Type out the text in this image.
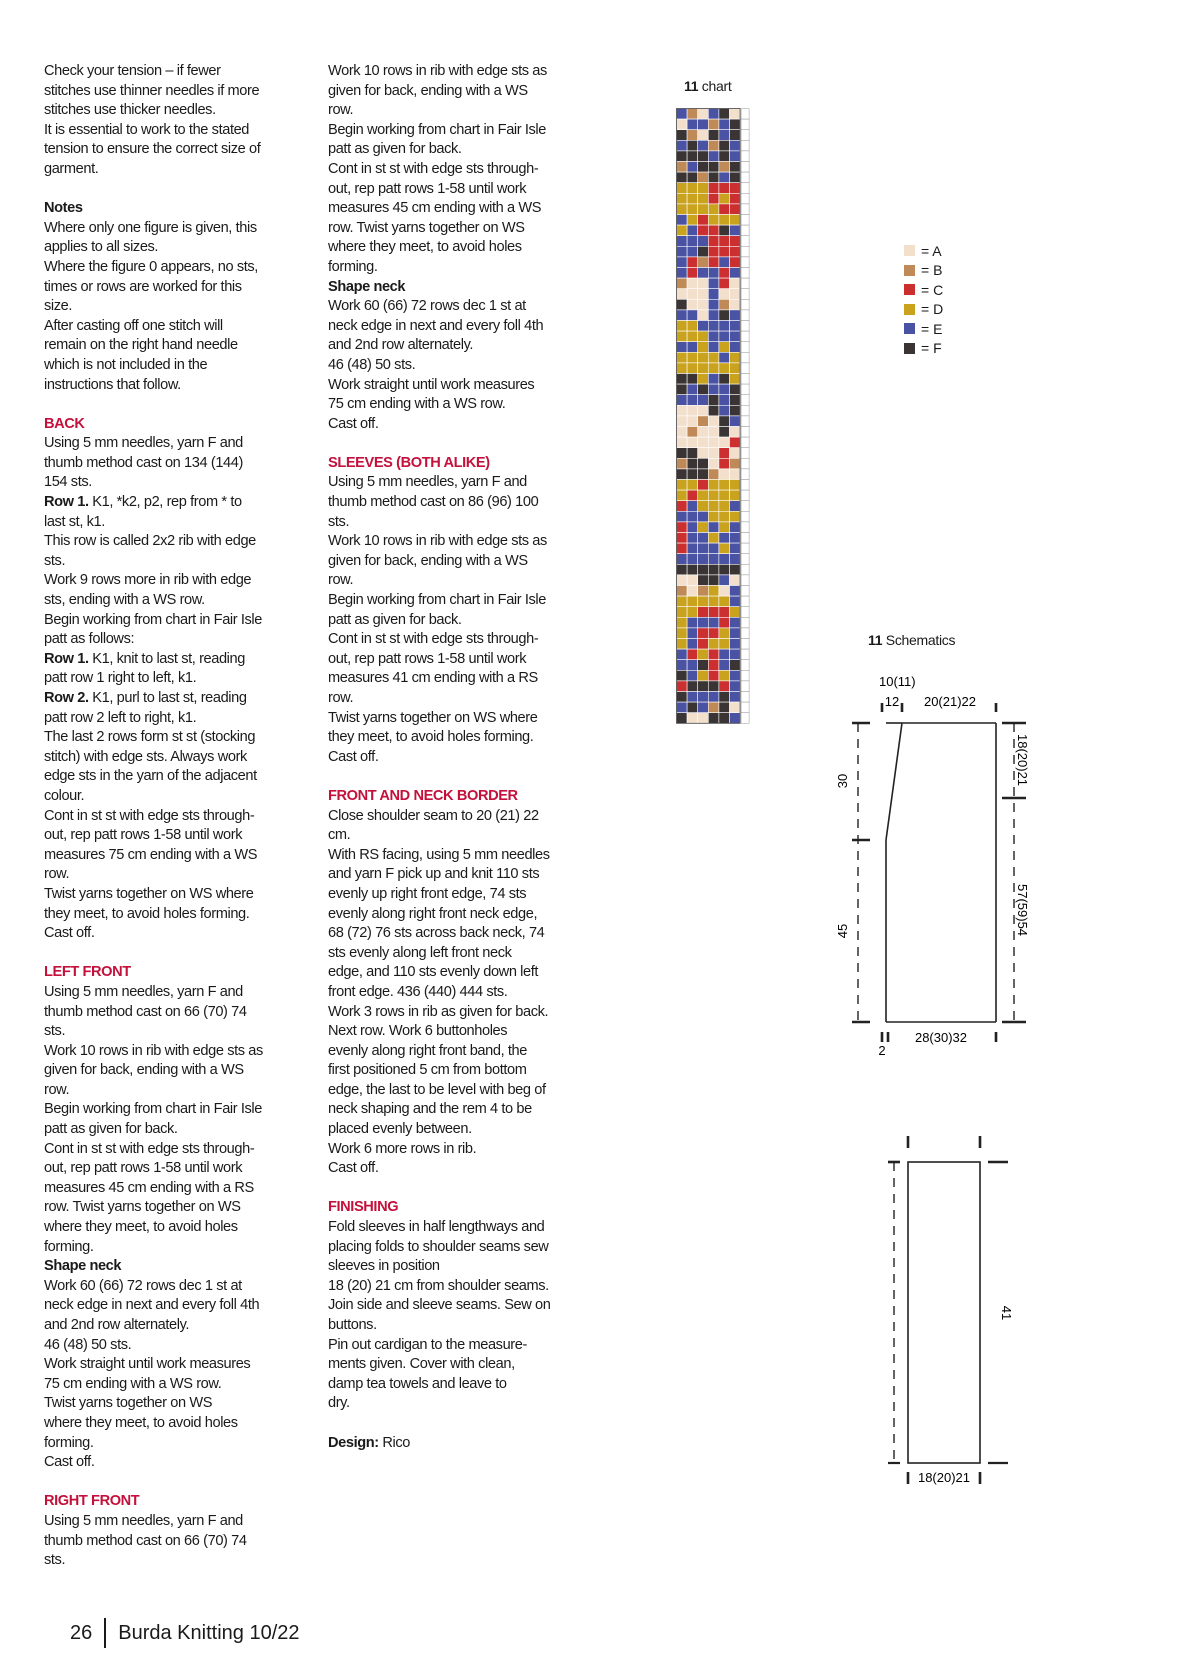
Check your tension – if fewer

stitches use thinner needles if more

stitches use thicker needles.

It is essential to work to the stated

tension to ensure the correct size of

garment.

Notes

Where only one figure is given, this

applies to all sizes.

Where the figure 0 appears, no sts,

times or rows are worked for this

size.

After casting off one stitch will

remain on the right hand needle

which is not included in the

instructions that follow.

BACK

Using 5 mm needles, yarn F and

thumb method cast on 134 (144)

154 sts.

Row 1. K1, *k2, p2, rep from * to

last st, k1.

This row is called 2x2 rib with edge

sts.

Work 9 rows more in rib with edge

sts, ending with a WS row.

Begin working from chart in Fair Isle

patt as follows:

Row 1. K1, knit to last st, reading

patt row 1 right to left, k1.

Row 2. K1, purl to last st, reading

patt row 2 left to right, k1.

The last 2 rows form st st (stocking

stitch) with edge sts. Always work

edge sts in the yarn of the adjacent

colour.

Cont in st st with edge sts through-

out, rep patt rows 1-58 until work

measures 75 cm ending with a WS

row.

Twist yarns together on WS where

they meet, to avoid holes forming.

Cast off.

LEFT FRONT

Using 5 mm needles, yarn F and

thumb method cast on 66 (70) 74

sts.

Work 10 rows in rib with edge sts as

given for back, ending with a WS

row.

Begin working from chart in Fair Isle

patt as given for back.

Cont in st st with edge sts through-

out, rep patt rows 1-58 until work

measures 45 cm ending with a RS

row. Twist yarns together on WS

where they meet, to avoid holes

forming.

Shape neck

Work 60 (66) 72 rows dec 1 st at

neck edge in next and every foll 4th

and 2nd row alternately.

46 (48) 50 sts.

Work straight until work measures

75 cm ending with a WS row.

Twist yarns together on WS

where they meet, to avoid holes

forming.

Cast off.

RIGHT FRONT

Using 5 mm needles, yarn F and

thumb method cast on 66 (70) 74

sts.

Work 10 rows in rib with edge sts as

given for back, ending with a WS

row.

Begin working from chart in Fair Isle

patt as given for back.

Cont in st st with edge sts through-

out, rep patt rows 1-58 until work

measures 45 cm ending with a WS

row. Twist yarns together on WS

where they meet, to avoid holes

forming.

Shape neck

Work 60 (66) 72 rows dec 1 st at

neck edge in next and every foll 4th

and 2nd row alternately.

46 (48) 50 sts.

Work straight until work measures

75 cm ending with a WS row.

Cast off.

SLEEVES (BOTH ALIKE)

Using 5 mm needles, yarn F and

thumb method cast on 86 (96) 100

sts.

Work 10 rows in rib with edge sts as

given for back, ending with a WS

row.

Begin working from chart in Fair Isle

patt as given for back.

Cont in st st with edge sts through-

out, rep patt rows 1-58 until work

measures 41 cm ending with a RS

row.

Twist yarns together on WS where

they meet, to avoid holes forming.

Cast off.

FRONT AND NECK BORDER

Close shoulder seam to 20 (21) 22

cm.

With RS facing, using 5 mm needles

and yarn F pick up and knit 110 sts

evenly up right front edge, 74 sts

evenly along right front neck edge,

68 (72) 76 sts across back neck, 74

sts evenly along left front neck

edge, and 110 sts evenly down left

front edge. 436 (440) 444 sts.

Work 3 rows in rib as given for back.

Next row. Work 6 buttonholes

evenly along right front band, the

first positioned 5 cm from bottom

edge, the last to be level with beg of

neck shaping and the rem 4 to be

placed evenly between.

Work 6 more rows in rib.

Cast off.

FINISHING

Fold sleeves in half lengthways and

placing folds to shoulder seams sew

sleeves in position

18 (20) 21 cm from shoulder seams.

Join side and sleeve seams. Sew on

buttons.

Pin out cardigan to the measure-

ments given. Cover with clean,

damp tea towels and leave to

dry.

Design: Rico

11 chart
= A
= B
= C
= D
= E
= F
11 Schematics
10(11)
12 20(21)22
30
45
18(20)21
57(59)54
28(30)32
2
41
18(20)21
26 Burda Knitting 10/22
